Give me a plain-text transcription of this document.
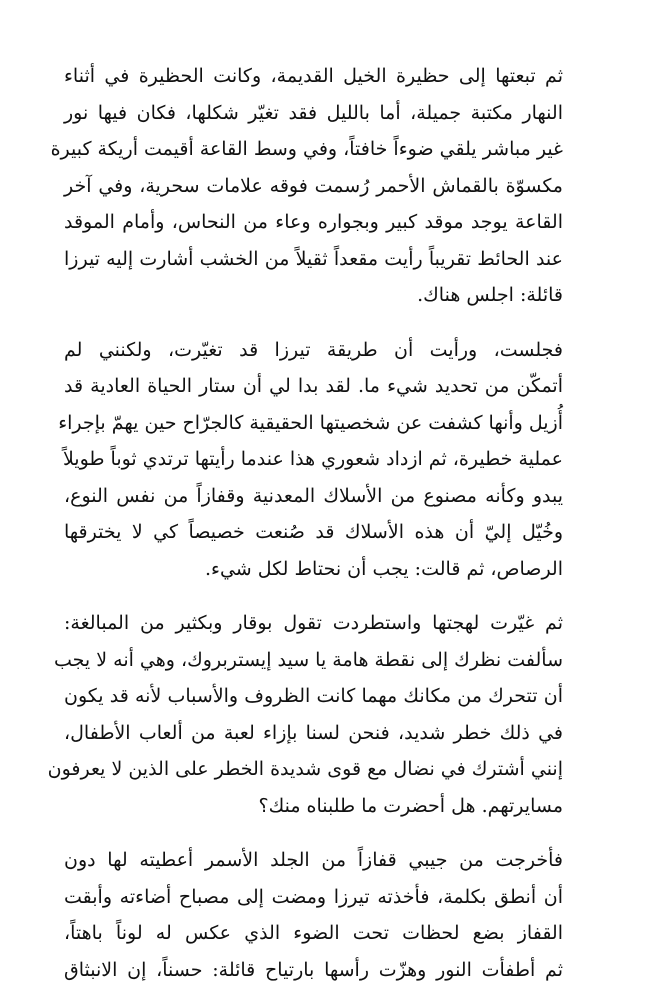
ثم تبعتها إلى حظيرة الخيل القديمة، وكانت الحظيرة في أثناء
النهار مكتبة جميلة، أما بالليل فقد تغيّر شكلها، فكان فيها نور
غير مباشر يلقي ضوءاً خافتاً، وفي وسط القاعة أقيمت أريكة كبيرة
مكسوّة بالقماش الأحمر رُسمت فوقه علامات سحرية، وفي آخر
القاعة يوجد موقد كبير وبجواره وعاء من النحاس، وأمام الموقد
عند الحائط تقريباً رأيت مقعداً ثقيلاً من الخشب أشارت إليه تيرزا
قائلة: اجلس هناك.

فجلست، ورأيت أن طريقة تيرزا قد تغيّرت، ولكنني لم
أتمكّن من تحديد شيء ما. لقد بدا لي أن ستار الحياة العادية قد
أُزيل وأنها كشفت عن شخصيتها الحقيقية كالجرّاح حين يهمّ بإجراء
عملية خطيرة، ثم ازداد شعوري هذا عندما رأيتها ترتدي ثوباً طويلاً
يبدو وكأنه مصنوع من الأسلاك المعدنية وقفازاً من نفس النوع،
وخُيّل إليّ أن هذه الأسلاك قد صُنعت خصيصاً كي لا يخترقها
الرصاص، ثم قالت: يجب أن نحتاط لكل شيء.

ثم غيّرت لهجتها واستطردت تقول بوقار وبكثير من المبالغة:
سألفت نظرك إلى نقطة هامة يا سيد إيستربروك، وهي أنه لا يجب
أن تتحرك من مكانك مهما كانت الظروف والأسباب لأنه قد يكون
في ذلك خطر شديد، فنحن لسنا بإزاء لعبة من ألعاب الأطفال،
إنني أشترك في نضال مع قوى شديدة الخطر على الذين لا يعرفون
مسايرتهم. هل أحضرت ما طلبناه منك؟

فأخرجت من جيبي قفازاً من الجلد الأسمر أعطيته لها دون
أن أنطق بكلمة، فأخذته تيرزا ومضت إلى مصباح أضاءته وأبقت
القفاز بضع لحظات تحت الضوء الذي عكس له لوناً باهتاً،
ثم أطفأت النور وهزّت رأسها بارتياح قائلة: حسناً، إن الانبثاق
